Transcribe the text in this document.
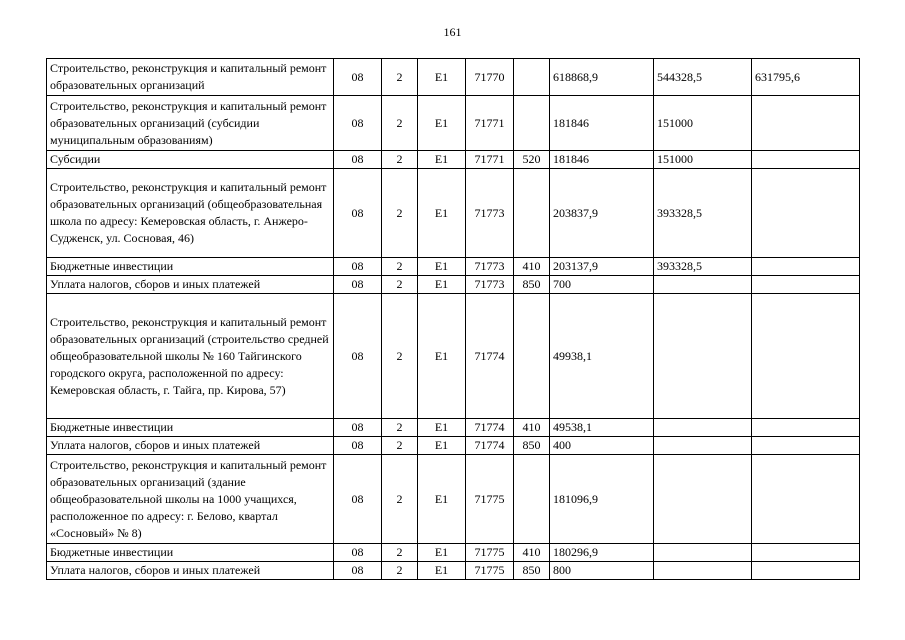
161
Строительство, реконструкция и капитальный ремонт образовательных организаций	08	2	Е1	71770		618868,9	544328,5	631795,6
Строительство, реконструкция и капитальный ремонт образовательных организаций (субсидии муниципальным образованиям)	08	2	Е1	71771		181846	151000	
Субсидии	08	2	Е1	71771	520	181846	151000	
Строительство, реконструкция и капитальный ремонт образовательных организаций (общеобразовательная школа по адресу: Кемеровская область, г. Анжеро-Судженск, ул. Сосновая, 46)	08	2	Е1	71773		203837,9	393328,5	
Бюджетные инвестиции	08	2	Е1	71773	410	203137,9	393328,5	
Уплата налогов, сборов и иных платежей	08	2	Е1	71773	850	700		
Строительство, реконструкция и капитальный ремонт образовательных организаций (строительство средней общеобразовательной школы № 160 Тайгинского городского округа, расположенной по адресу: Кемеровская область, г. Тайга, пр. Кирова, 57)	08	2	Е1	71774		49938,1		
Бюджетные инвестиции	08	2	Е1	71774	410	49538,1		
Уплата налогов, сборов и иных платежей	08	2	Е1	71774	850	400		
Строительство, реконструкция и капитальный ремонт образовательных организаций (здание общеобразовательной школы на 1000 учащихся, расположенное по адресу: г. Белово, квартал «Сосновый» № 8)	08	2	Е1	71775		181096,9		
Бюджетные инвестиции	08	2	Е1	71775	410	180296,9		
Уплата налогов, сборов и иных платежей	08	2	Е1	71775	850	800		
